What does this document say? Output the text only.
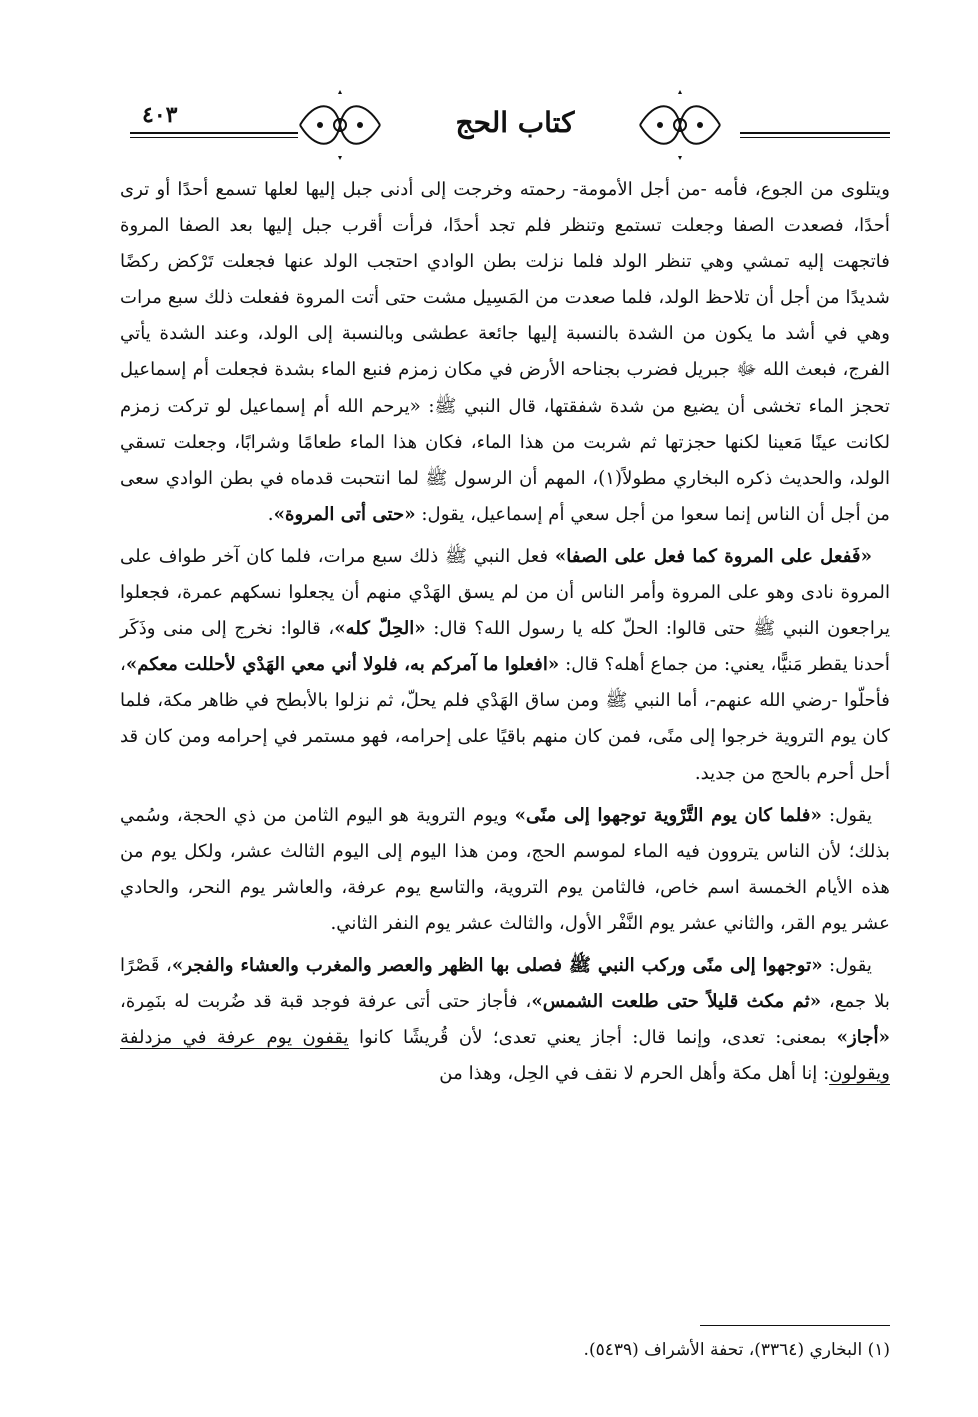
٤٠٣	كتاب الحج

ويتلوى من الجوع، فأمه -من أجل الأمومة- رحمته وخرجت إلى أدنى جبل إليها لعلها تسمع أحدًا أو ترى أحدًا، فصعدت الصفا وجعلت تستمع وتنظر فلم تجد أحدًا، فرأت أقرب جبل إليها بعد الصفا المروة فاتجهت إليه تمشي وهي تنظر الولد فلما نزلت بطن الوادي احتجب الولد عنها فجعلت تَرْكض ركضًا شديدًا من أجل أن تلاحظ الولد، فلما صعدت من المَسِيل مشت حتى أتت المروة ففعلت ذلك سبع مرات وهي في أشد ما يكون من الشدة بالنسبة إليها جائعة عطشى وبالنسبة إلى الولد، وعند الشدة يأتي الفرج، فبعث الله ﷻ جبريل فضرب بجناحه الأرض في مكان زمزم فنبع الماء بشدة فجعلت أم إسماعيل تحجز الماء تخشى أن يضيع من شدة شفقتها، قال النبي ﷺ: «يرحم الله أم إسماعيل لو تركت زمزم لكانت عينًا مَعينا لكنها حجزتها ثم شربت من هذا الماء، فكان هذا الماء طعامًا وشرابًا، وجعلت تسقي الولد، والحديث ذكره البخاري مطولاً(١)، المهم أن الرسول ﷺ لما انتحبت قدماه في بطن الوادي سعى من أجل أن الناس إنما سعوا من أجل سعي أم إسماعيل، يقول: «حتى أتى المروة».

«فَفعل على المروة كما فعل على الصفا» فعل النبي ﷺ ذلك سبع مرات، فلما كان آخر طواف على المروة نادى وهو على المروة وأمر الناس أن من لم يسق الهَدْي منهم أن يجعلوا نسكهم عمرة، فجعلوا يراجعون النبي ﷺ حتى قالوا: الحلّ كله يا رسول الله؟ قال: «الحِلّ كله»، قالوا: نخرج إلى منى وذَكَر أحدنا يقطر مَنيًّا، يعني: من جماع أهله؟ قال: «افعلوا ما آمركم به، فلولا أني معي الهَدْي لأحللت معكم»، فأحلّوا -رضي الله عنهم-، أما النبي ﷺ ومن ساق الهَدْي فلم يحلّ، ثم نزلوا بالأبطح في ظاهر مكة، فلما كان يوم التروية خرجوا إلى منًى، فمن كان منهم باقيًا على إحرامه، فهو مستمر في إحرامه ومن كان قد أحل أحرم بالحج من جديد.

يقول: «فلما كان يوم التَّرْوية توجهوا إلى منًى» ويوم التروية هو اليوم الثامن من ذي الحجة، وسُمي بذلك؛ لأن الناس يتروون فيه الماء لموسم الحج، ومن هذا اليوم إلى اليوم الثالث عشر، ولكل يوم من هذه الأيام الخمسة اسم خاص، فالثامن يوم التروية، والتاسع يوم عرفة، والعاشر يوم النحر، والحادي عشر يوم القر، والثاني عشر يوم النَّفْر الأول، والثالث عشر يوم النفر الثاني.

يقول: «توجهوا إلى منًى وركب النبي ﷺ فصلى بها الظهر والعصر والمغرب والعشاء والفجر»، قَصْرًا بلا جمع، «ثم مكث قليلاً حتى طلعت الشمس»، فأجاز حتى أتى عرفة فوجد قبة قد ضُربت له بنَمِرة، «أجاز» بمعنى: تعدى، وإنما قال: أجاز يعني تعدى؛ لأن قُريشًا كانوا يقفون يوم عرفة في مزدلفة ويقولون: إنا أهل مكة وأهل الحرم لا نقف في الحِل، وهذا من

(١) البخاري (٣٣٦٤)، تحفة الأشراف (٥٤٣٩).
